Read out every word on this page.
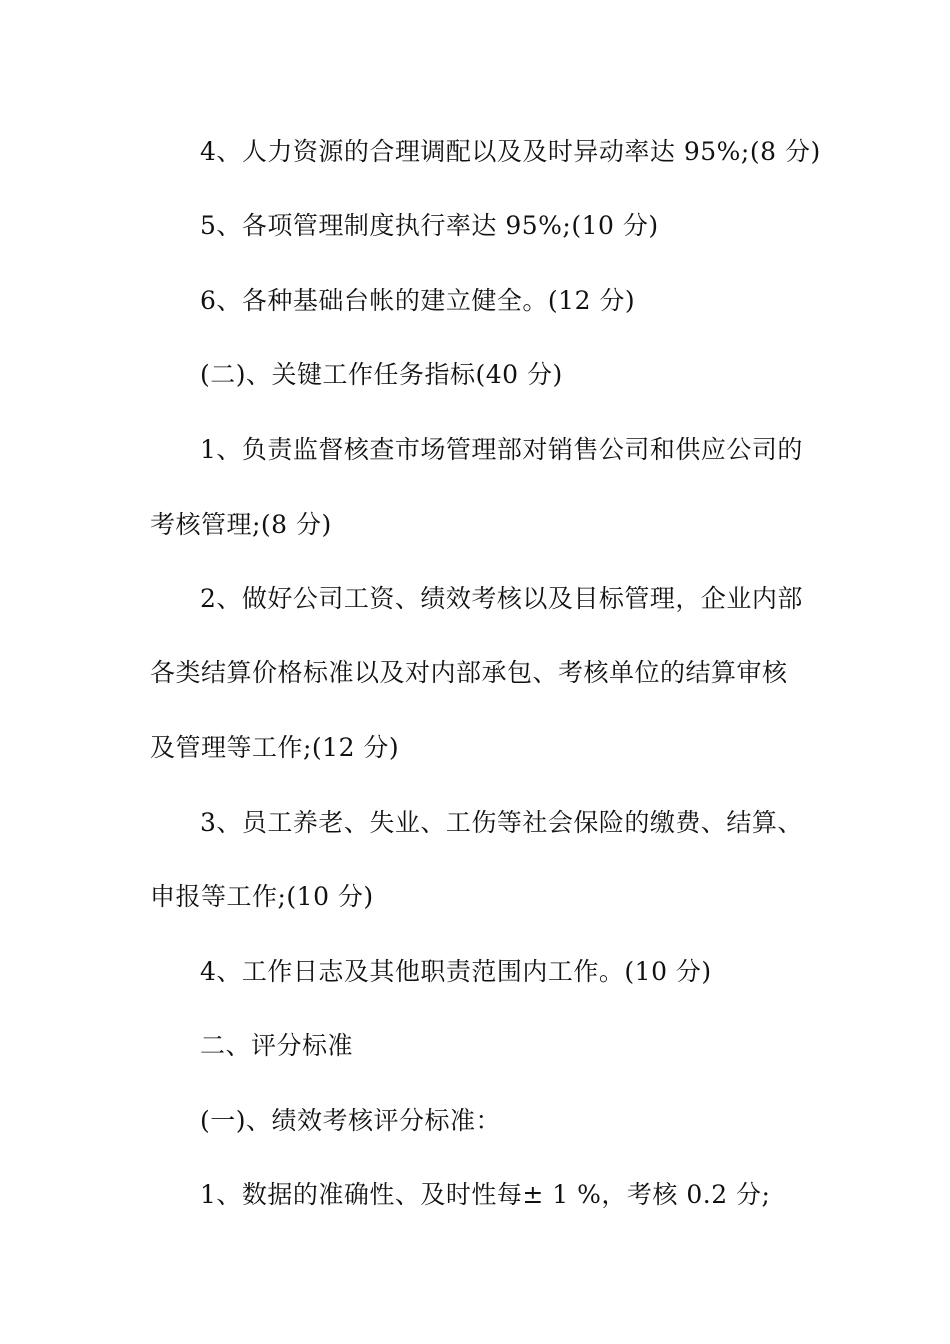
4、人力资源的合理调配以及及时异动率达 95%;(8 分)
5、各项管理制度执行率达 95%;(10 分)
6、各种基础台帐的建立健全。(12 分)
(二)、关键工作任务指标(40 分)
1、负责监督核查市场管理部对销售公司和供应公司的
考核管理;(8 分)
2、做好公司工资、绩效考核以及目标管理，企业内部
各类结算价格标准以及对内部承包、考核单位的结算审核
及管理等工作;(12 分)
3、员工养老、失业、工伤等社会保险的缴费、结算、
申报等工作;(10 分)
4、工作日志及其他职责范围内工作。(10 分)
二、评分标准
(一)、绩效考核评分标准：
1、数据的准确性、及时性每± 1 %，考核 0.2 分;
